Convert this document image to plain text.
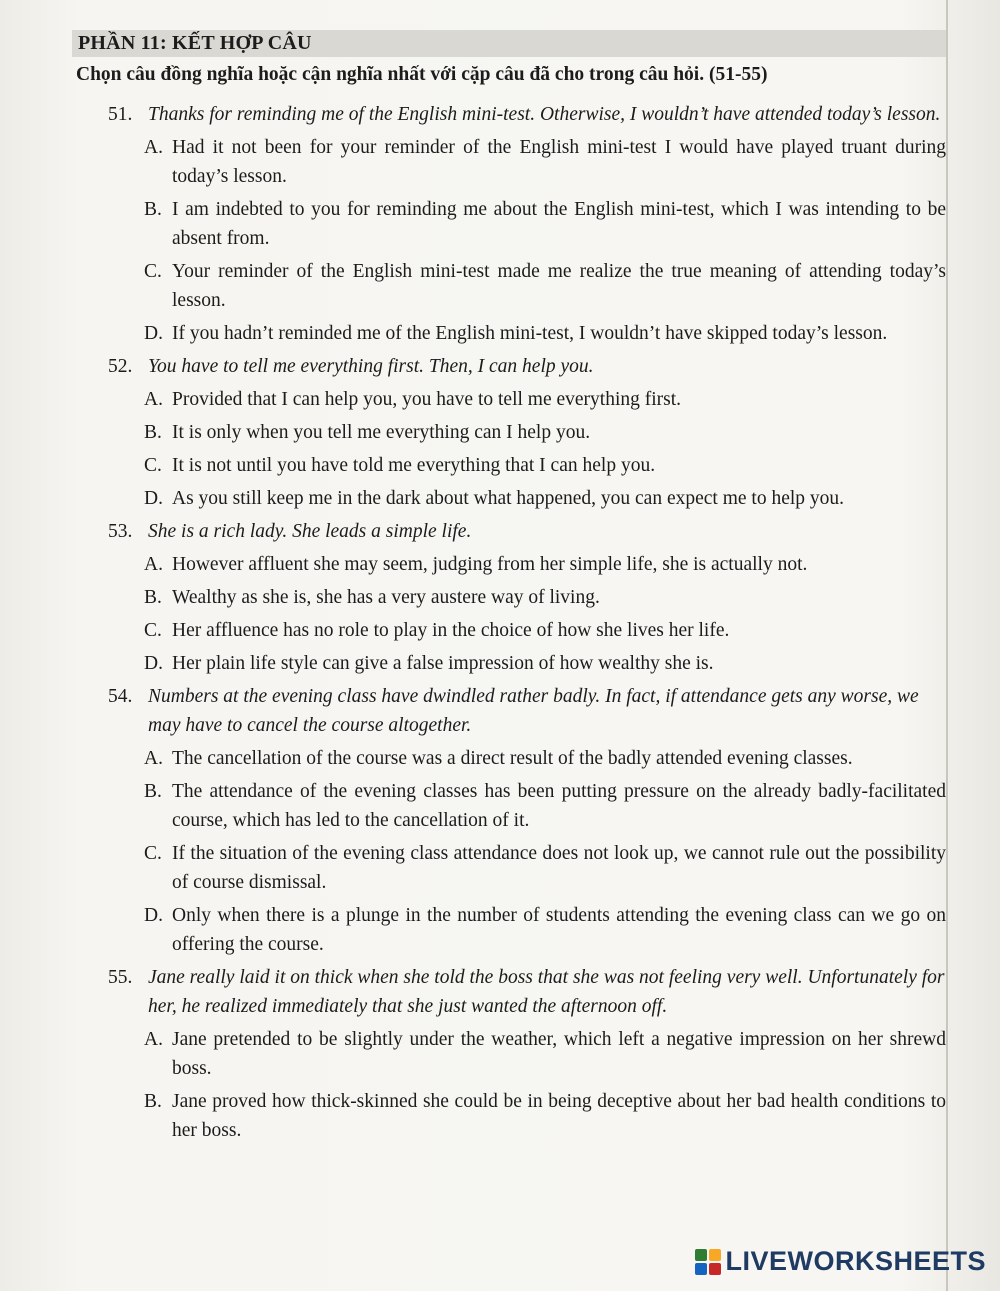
PHẦN 11: KẾT HỢP CÂU
Chọn câu đồng nghĩa hoặc cận nghĩa nhất với cặp câu đã cho trong câu hỏi. (51-55)
51. Thanks for reminding me of the English mini-test. Otherwise, I wouldn’t have attended today’s lesson.
A. Had it not been for your reminder of the English mini-test I would have played truant during today’s lesson.
B. I am indebted to you for reminding me about the English mini-test, which I was intending to be absent from.
C. Your reminder of the English mini-test made me realize the true meaning of attending today’s lesson.
D. If you hadn’t reminded me of the English mini-test, I wouldn’t have skipped today’s lesson.
52. You have to tell me everything first. Then, I can help you.
A. Provided that I can help you, you have to tell me everything first.
B. It is only when you tell me everything can I help you.
C. It is not until you have told me everything that I can help you.
D. As you still keep me in the dark about what happened, you can expect me to help you.
53. She is a rich lady. She leads a simple life.
A. However affluent she may seem, judging from her simple life, she is actually not.
B. Wealthy as she is, she has a very austere way of living.
C. Her affluence has no role to play in the choice of how she lives her life.
D. Her plain life style can give a false impression of how wealthy she is.
54. Numbers at the evening class have dwindled rather badly. In fact, if attendance gets any worse, we may have to cancel the course altogether.
A. The cancellation of the course was a direct result of the badly attended evening classes.
B. The attendance of the evening classes has been putting pressure on the already badly-facilitated course, which has led to the cancellation of it.
C. If the situation of the evening class attendance does not look up, we cannot rule out the possibility of course dismissal.
D. Only when there is a plunge in the number of students attending the evening class can we go on offering the course.
55. Jane really laid it on thick when she told the boss that she was not feeling very well. Unfortunately for her, he realized immediately that she just wanted the afternoon off.
A. Jane pretended to be slightly under the weather, which left a negative impression on her shrewd boss.
B. Jane proved how thick-skinned she could be in being deceptive about her bad health conditions to her boss.
LIVEWORKSHEETS
